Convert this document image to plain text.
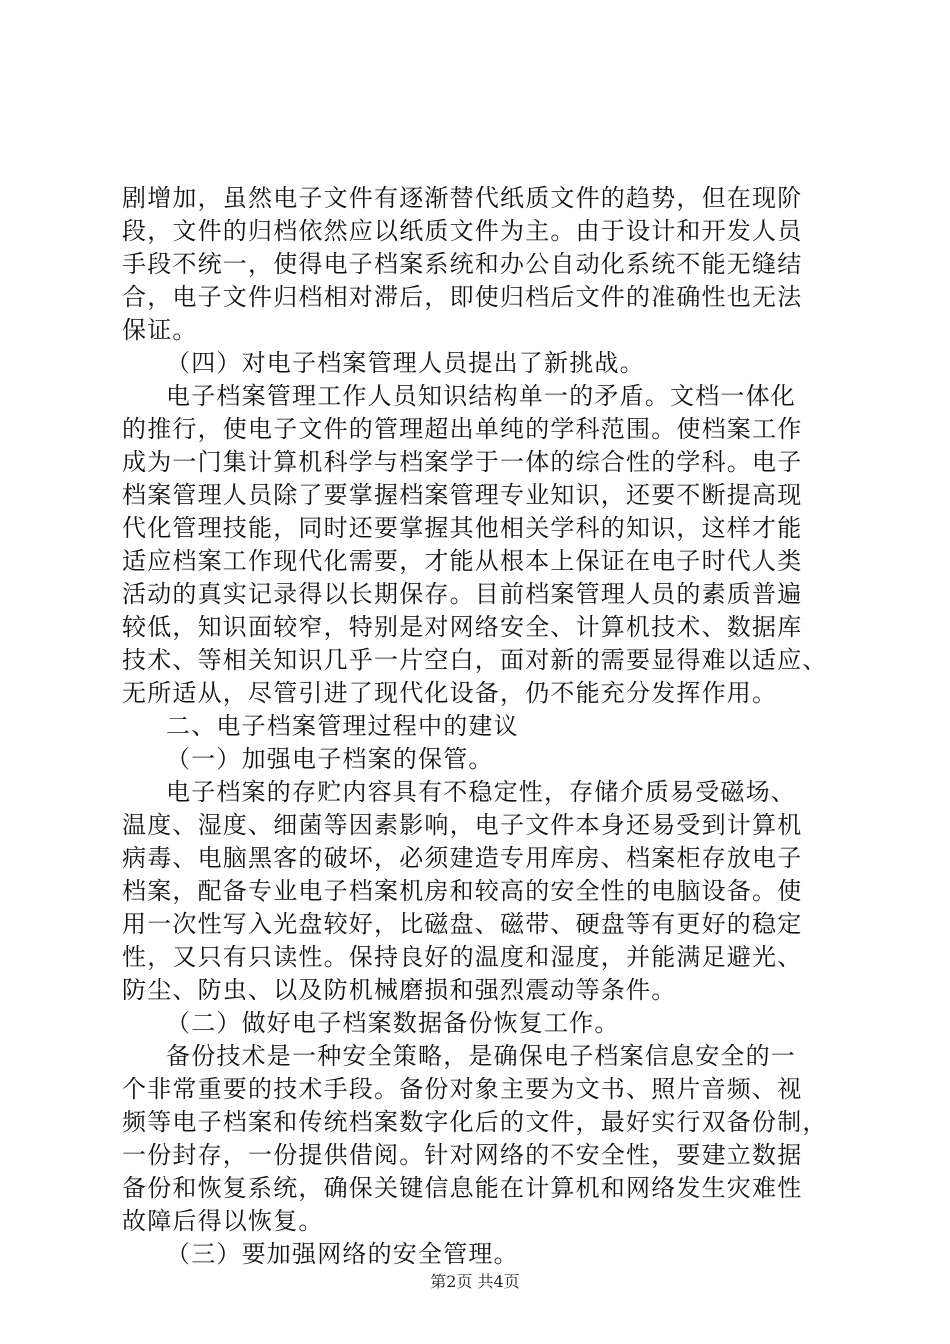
剧增加，虽然电子文件有逐渐替代纸质文件的趋势，但在现阶
段，文件的归档依然应以纸质文件为主。由于设计和开发人员
手段不统一，使得电子档案系统和办公自动化系统不能无缝结
合，电子文件归档相对滞后，即使归档后文件的准确性也无法
保证。
（四）对电子档案管理人员提出了新挑战。
电子档案管理工作人员知识结构单一的矛盾。文档一体化
的推行，使电子文件的管理超出单纯的学科范围。使档案工作
成为一门集计算机科学与档案学于一体的综合性的学科。电子
档案管理人员除了要掌握档案管理专业知识，还要不断提高现
代化管理技能，同时还要掌握其他相关学科的知识，这样才能
适应档案工作现代化需要，才能从根本上保证在电子时代人类
活动的真实记录得以长期保存。目前档案管理人员的素质普遍
较低，知识面较窄，特别是对网络安全、计算机技术、数据库
技术、等相关知识几乎一片空白，面对新的需要显得难以适应、
无所适从，尽管引进了现代化设备，仍不能充分发挥作用。
二、电子档案管理过程中的建议
（一）加强电子档案的保管。
电子档案的存贮内容具有不稳定性，存储介质易受磁场、
温度、湿度、细菌等因素影响，电子文件本身还易受到计算机
病毒、电脑黑客的破坏，必须建造专用库房、档案柜存放电子
档案，配备专业电子档案机房和较高的安全性的电脑设备。使
用一次性写入光盘较好，比磁盘、磁带、硬盘等有更好的稳定
性，又只有只读性。保持良好的温度和湿度，并能满足避光、
防尘、防虫、以及防机械磨损和强烈震动等条件。
（二）做好电子档案数据备份恢复工作。
备份技术是一种安全策略，是确保电子档案信息安全的一
个非常重要的技术手段。备份对象主要为文书、照片音频、视
频等电子档案和传统档案数字化后的文件，最好实行双备份制，
一份封存，一份提供借阅。针对网络的不安全性，要建立数据
备份和恢复系统，确保关键信息能在计算机和网络发生灾难性
故障后得以恢复。
（三）要加强网络的安全管理。
第2页 共4页
